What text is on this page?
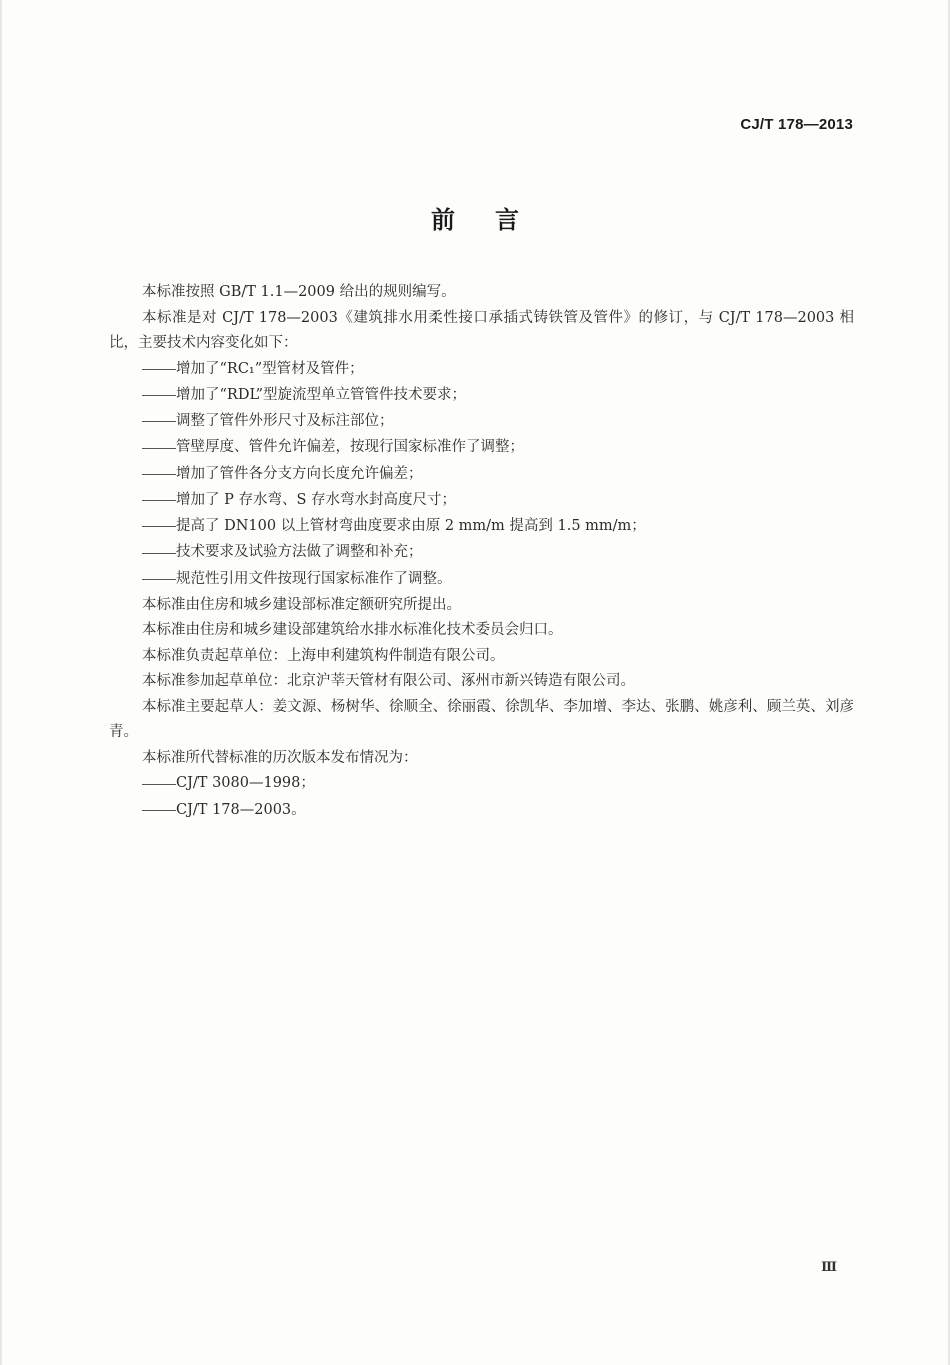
CJ/T 178—2013
前言

本标准按照 GB/T 1.1—2009 给出的规则编写。

本标准是对 CJ/T 178—2003《建筑排水用柔性接口承插式铸铁管及管件》的修订，与 CJ/T 178—2003 相比，主要技术内容变化如下：

增加了“RC₁”型管材及管件；

增加了“RDL”型旋流型单立管管件技术要求；

调整了管件外形尺寸及标注部位；

管壁厚度、管件允许偏差，按现行国家标准作了调整；

增加了管件各分支方向长度允许偏差；

增加了 P 存水弯、S 存水弯水封高度尺寸；

提高了 DN100 以上管材弯曲度要求由原 2 mm/m 提高到 1.5 mm/m；

技术要求及试验方法做了调整和补充；

规范性引用文件按现行国家标准作了调整。

本标准由住房和城乡建设部标准定额研究所提出。

本标准由住房和城乡建设部建筑给水排水标准化技术委员会归口。

本标准负责起草单位：上海申利建筑构件制造有限公司。

本标准参加起草单位：北京沪莘天管材有限公司、涿州市新兴铸造有限公司。

本标准主要起草人：姜文源、杨树华、徐顺全、徐丽霞、徐凯华、李加增、李达、张鹏、姚彦利、顾兰英、刘彦青。

本标准所代替标准的历次版本发布情况为：

CJ/T 3080—1998；

CJ/T 178—2003。

Ⅲ
